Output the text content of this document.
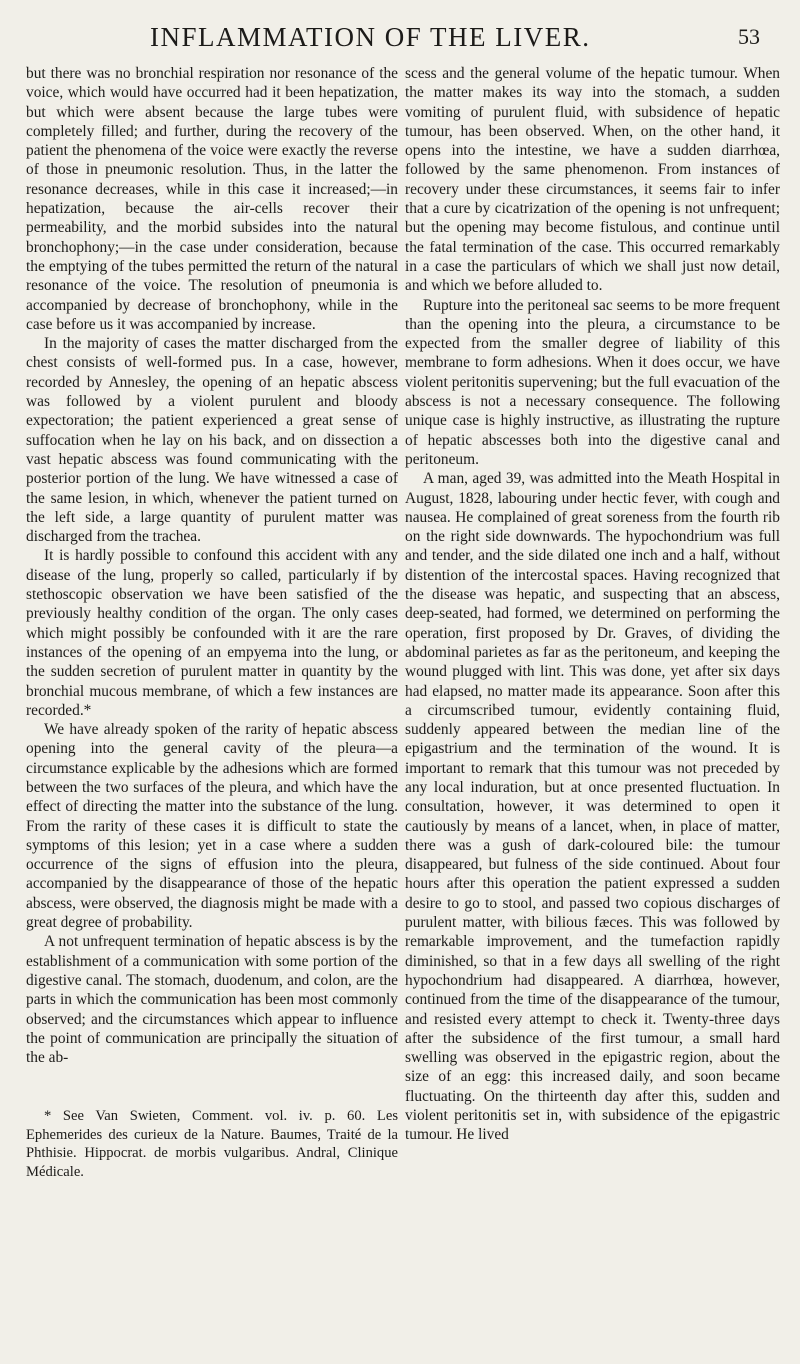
INFLAMMATION OF THE LIVER.	53

but there was no bronchial respiration nor resonance of the voice, which would have occurred had it been hepatization, but which were absent because the large tubes were completely filled; and further, during the recovery of the patient the phenomena of the voice were exactly the reverse of those in pneumonic resolution. Thus, in the latter the resonance decreases, while in this case it increased;—in hepatization, because the air-cells recover their permeability, and the morbid subsides into the natural bronchophony;—in the case under consideration, because the emptying of the tubes permitted the return of the natural resonance of the voice. The resolution of pneumonia is accompanied by decrease of bronchophony, while in the case before us it was accompanied by increase.

In the majority of cases the matter discharged from the chest consists of well-formed pus. In a case, however, recorded by Annesley, the opening of an hepatic abscess was followed by a violent purulent and bloody expectoration; the patient experienced a great sense of suffocation when he lay on his back, and on dissection a vast hepatic abscess was found communicating with the posterior portion of the lung. We have witnessed a case of the same lesion, in which, whenever the patient turned on the left side, a large quantity of purulent matter was discharged from the trachea.

It is hardly possible to confound this accident with any disease of the lung, properly so called, particularly if by stethoscopic observation we have been satisfied of the previously healthy condition of the organ. The only cases which might possibly be confounded with it are the rare instances of the opening of an empyema into the lung, or the sudden secretion of purulent matter in quantity by the bronchial mucous membrane, of which a few instances are recorded.*

We have already spoken of the rarity of hepatic abscess opening into the general cavity of the pleura—a circumstance explicable by the adhesions which are formed between the two surfaces of the pleura, and which have the effect of directing the matter into the substance of the lung. From the rarity of these cases it is difficult to state the symptoms of this lesion; yet in a case where a sudden occurrence of the signs of effusion into the pleura, accompanied by the disappearance of those of the hepatic abscess, were observed, the diagnosis might be made with a great degree of probability.

A not unfrequent termination of hepatic abscess is by the establishment of a communication with some portion of the digestive canal. The stomach, duodenum, and colon, are the parts in which the communication has been most commonly observed; and the circumstances which appear to influence the point of communication are principally the situation of the ab-

* See Van Swieten, Comment. vol. iv. p. 60. Les Ephemerides des curieux de la Nature. Baumes, Traité de la Phthisie. Hippocrat. de morbis vulgaribus. Andral, Clinique Médicale.

scess and the general volume of the hepatic tumour. When the matter makes its way into the stomach, a sudden vomiting of purulent fluid, with subsidence of hepatic tumour, has been observed. When, on the other hand, it opens into the intestine, we have a sudden diarrhœa, followed by the same phenomenon. From instances of recovery under these circumstances, it seems fair to infer that a cure by cicatrization of the opening is not unfrequent; but the opening may become fistulous, and continue until the fatal termination of the case. This occurred remarkably in a case the particulars of which we shall just now detail, and which we before alluded to.

Rupture into the peritoneal sac seems to be more frequent than the opening into the pleura, a circumstance to be expected from the smaller degree of liability of this membrane to form adhesions. When it does occur, we have violent peritonitis supervening; but the full evacuation of the abscess is not a necessary consequence. The following unique case is highly instructive, as illustrating the rupture of hepatic abscesses both into the digestive canal and peritoneum.

A man, aged 39, was admitted into the Meath Hospital in August, 1828, labouring under hectic fever, with cough and nausea. He complained of great soreness from the fourth rib on the right side downwards. The hypochondrium was full and tender, and the side dilated one inch and a half, without distention of the intercostal spaces. Having recognized that the disease was hepatic, and suspecting that an abscess, deep-seated, had formed, we determined on performing the operation, first proposed by Dr. Graves, of dividing the abdominal parietes as far as the peritoneum, and keeping the wound plugged with lint. This was done, yet after six days had elapsed, no matter made its appearance. Soon after this a circumscribed tumour, evidently containing fluid, suddenly appeared between the median line of the epigastrium and the termination of the wound. It is important to remark that this tumour was not preceded by any local induration, but at once presented fluctuation. In consultation, however, it was determined to open it cautiously by means of a lancet, when, in place of matter, there was a gush of dark-coloured bile: the tumour disappeared, but fulness of the side continued. About four hours after this operation the patient expressed a sudden desire to go to stool, and passed two copious discharges of purulent matter, with bilious fæces. This was followed by remarkable improvement, and the tumefaction rapidly diminished, so that in a few days all swelling of the right hypochondrium had disappeared. A diarrhœa, however, continued from the time of the disappearance of the tumour, and resisted every attempt to check it. Twenty-three days after the subsidence of the first tumour, a small hard swelling was observed in the epigastric region, about the size of an egg: this increased daily, and soon became fluctuating. On the thirteenth day after this, sudden and violent peritonitis set in, with subsidence of the epigastric tumour. He lived
